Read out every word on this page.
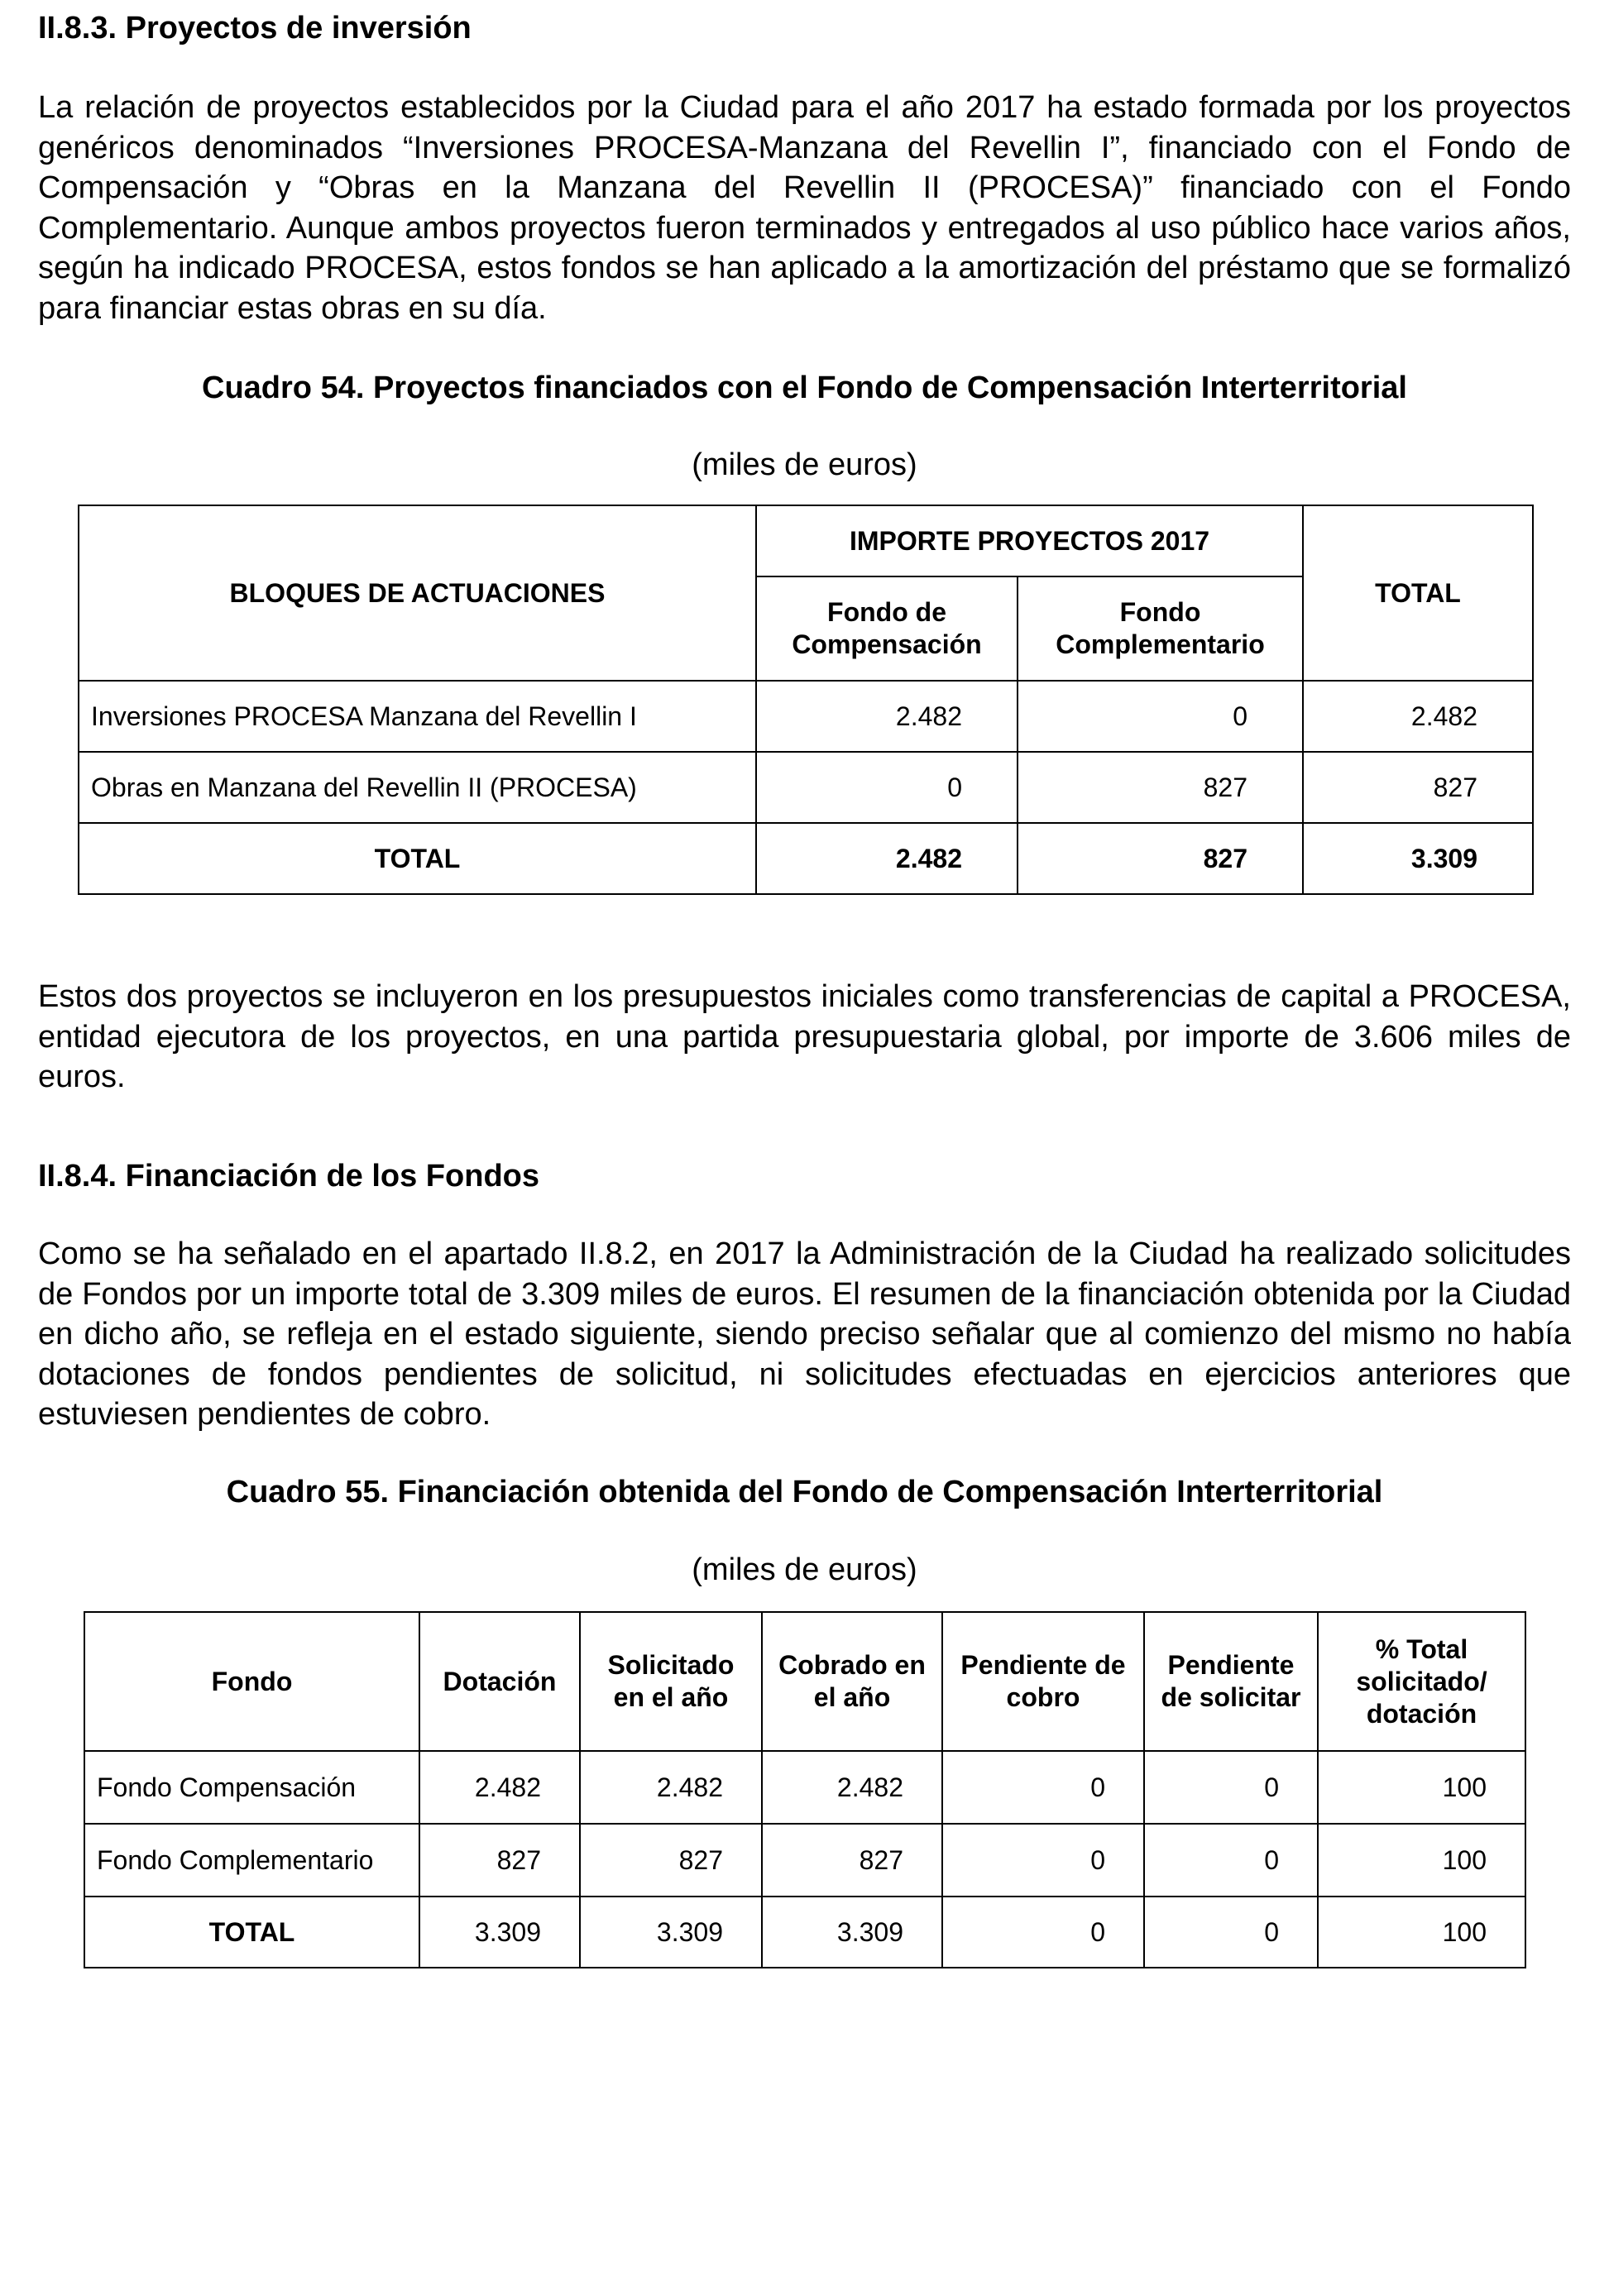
II.8.3. Proyectos de inversión
La relación de proyectos establecidos por la Ciudad para el año 2017 ha estado formada por los proyectos genéricos denominados “Inversiones PROCESA-Manzana del Revellin I”, financiado con el Fondo de Compensación y “Obras en la Manzana del Revellin II (PROCESA)” financiado con el Fondo Complementario. Aunque ambos proyectos fueron terminados y entregados al uso público hace varios años, según ha indicado PROCESA, estos fondos se han aplicado a la amortización del préstamo que se formalizó para financiar estas obras en su día.
Cuadro 54. Proyectos financiados con el Fondo de Compensación Interterritorial
(miles de euros)
BLOQUES DE ACTUACIONES	IMPORTE PROYECTOS 2017		TOTAL
	Fondo de Compensación	Fondo Complementario	
Inversiones PROCESA Manzana del Revellin I	2.482	0	2.482
Obras en Manzana del Revellin II (PROCESA)	0	827	827
TOTAL	2.482	827	3.309
Estos dos proyectos se incluyeron en los presupuestos iniciales como transferencias de capital a PROCESA, entidad ejecutora de los proyectos, en una partida presupuestaria global, por importe de 3.606 miles de euros.
II.8.4. Financiación de los Fondos
Como se ha señalado en el apartado II.8.2, en 2017 la Administración de la Ciudad ha realizado solicitudes de Fondos por un importe total de 3.309 miles de euros. El resumen de la financiación obtenida por la Ciudad en dicho año, se refleja en el estado siguiente, siendo preciso señalar que al comienzo del mismo no había dotaciones de fondos pendientes de solicitud, ni solicitudes efectuadas en ejercicios anteriores que estuviesen pendientes de cobro.
Cuadro 55. Financiación obtenida del Fondo de Compensación Interterritorial
(miles de euros)
Fondo	Dotación	Solicitado en el año	Cobrado en el año	Pendiente de cobro	Pendiente de solicitar	% Total solicitado/ dotación
Fondo Compensación	2.482	2.482	2.482	0	0	100
Fondo Complementario	827	827	827	0	0	100
TOTAL	3.309	3.309	3.309	0	0	100
